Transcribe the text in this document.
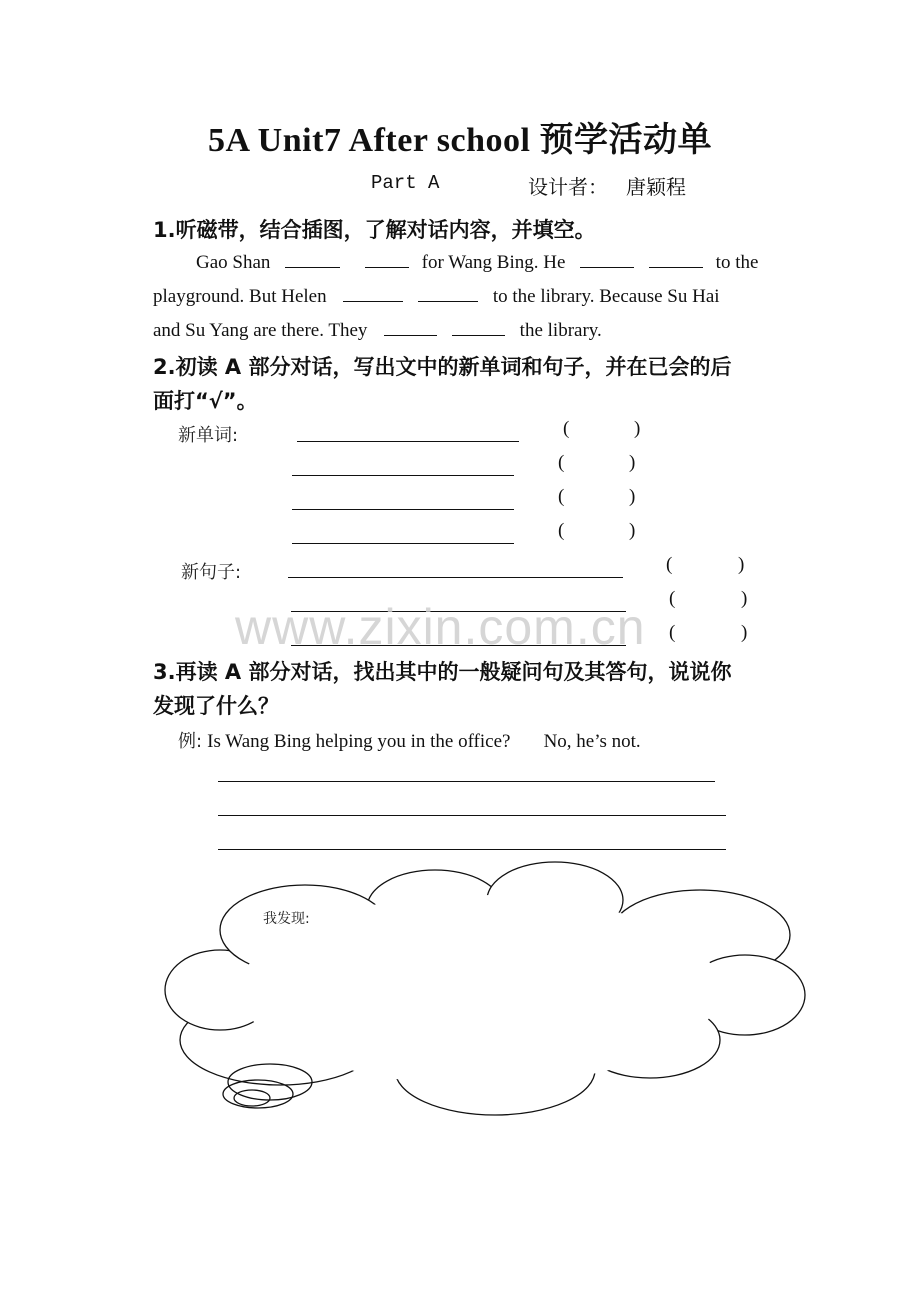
5A Unit7 After school 预学活动单
Part A	设计者： 唐颖程
1.听磁带，结合插图，了解对话内容，并填空。
Gao Shan	for Wang Bing. He	to the
playground. But Helen	to the library. Because Su Hai
and Su Yang are there. They	the library.
2.初读 A 部分对话，写出文中的新单词和句子，并在已会的后
面打“√”。
新单词:	(	)
(	)
(	)
(	)
新句子:	(	)
(	)
(	)
www.zixin.com.cn
3.再读 A 部分对话，找出其中的一般疑问句及其答句，说说你
发现了什么？
例: Is Wang Bing helping you in the office? No, he’s not.
我发现:
